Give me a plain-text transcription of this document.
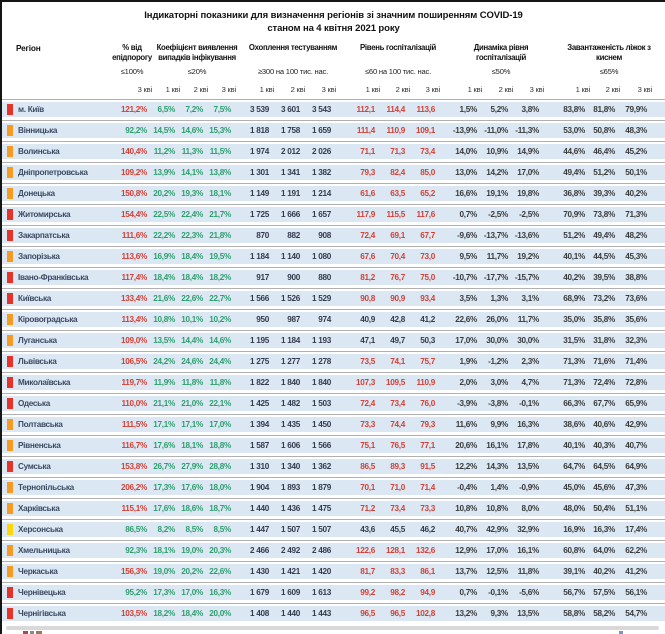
Індикаторні показники для визначення регіонів зі значним поширенням COVID-19
станом на 4 квітня 2021 року
Регіон	% від епідпорогу
Коефіцієнт виявлення випадків інфікування
Охоплення тестуванням	Рівень госпіталізацій	Динаміка рівня госпіталізацій
Завантаженість ліжок з киснем
≤100%	≤20%	≥300 на 100 тис. нас.	≤60 на 100 тис. нас.	≤50%	≤65%
3 кві	1 кві	2 кві	3 кві	1 кві	2 кві	3 кві	1 кві	2 кві	3 кві	1 кві	2 кві	3 кві	1 кві	2 кві	3 кві
м. Київ	121,2%	6,5%	7,2%	7,5%	3 539	3 601	3 543	112,1	114,4	113,6	1,5%	5,2%	3,8%	83,8%	81,8%	79,9%
Вінницька	92,2% 14,5% 14,6% 15,3%	1 818	1 758	1 659	111,4	110,9	109,1	-13,9% -11,0% -11,3%	53,0%	50,8%	48,3%
Волинська	140,4% 11,2% 11,3% 11,5%	1 974	2 012	2 026	71,1	71,3	73,4	14,0%	10,9%	14,9%	44,6%	46,4%	45,2%
Дніпропетровська	109,2% 13,9% 14,1% 13,8%	1 301	1 341	1 382	79,3	82,4	85,0	13,0%	14,2%	17,0%	49,4%	51,2%	50,1%
Донецька	150,8% 20,2% 19,3% 18,1%	1 149	1 191	1 214	61,6	63,5	65,2	16,6%	19,1%	19,8%	36,8%	39,3%	40,2%
Житомирська	154,4% 22,5% 22,4% 21,7%	1 725	1 666	1 657	117,9	115,5	117,6	0,7%	-2,5%	-2,5%	70,9%	73,8%	71,3%
Закарпатська	111,6% 22,2% 22,3% 21,8%	870	882	908	72,4	69,1	67,7	-9,6% -13,7% -13,6%	51,2%	49,4%	48,2%
Запорізька	113,6% 16,9% 18,4% 19,5%	1 184	1 140	1 080	67,6	70,4	73,0	9,5%	11,7%	19,2%	40,1%	44,5%	45,3%
Івано-Франківська	117,4% 18,4% 18,4% 18,2%	917	900	880	81,2	76,7	75,0	-10,7% -17,7% -15,7%	40,2%	39,5%	38,8%
Київська	133,4% 21,6% 22,6% 22,7%	1 566	1 526	1 529	90,8	90,9	93,4	3,5%	1,3%	3,1%	68,9%	73,2%	73,6%
Кіровоградська	113,4% 10,8% 10,1% 10,2%	950	987	974	40,9	42,8	41,2	22,6%	26,0%	11,7%	35,0%	35,8%	35,6%
Луганська	109,0% 13,5% 14,4% 14,6%	1 195	1 184	1 193	47,1	49,7	50,3	17,0%	30,0%	30,0%	31,5%	31,8%	32,3%
Львівська	106,5% 24,2% 24,6% 24,4%	1 275	1 277	1 278	73,5	74,1	75,7	1,9%	-1,2%	2,3%	71,3%	71,6%	71,4%
Миколаївська	119,7% 11,9% 11,8% 11,8%	1 822	1 840	1 840	107,3	109,5	110,9	2,0%	3,0%	4,7%	71,3%	72,4%	72,8%
Одеська	110,0% 21,1% 21,0% 22,1%	1 425	1 482	1 503	72,4	73,4	76,0	-3,9%	-3,8%	-0,1%	66,3%	67,7%	65,9%
Полтавська	111,5% 17,1% 17,1% 17,0%	1 394	1 435	1 450	73,3	74,4	79,3	11,6%	9,9%	16,3%	38,6%	40,6%	42,9%
Рівненська	116,7% 17,6% 18,1% 18,8%	1 587	1 606	1 566	75,1	76,5	77,1	20,6%	16,1%	17,8%	40,1%	40,3%	40,7%
Сумська	153,8% 26,7% 27,9% 28,8%	1 310	1 340	1 362	86,5	89,3	91,5	12,2%	14,3%	13,5%	64,7%	64,5%	64,9%
Тернопільська	206,2% 17,3% 17,6% 18,0%	1 904	1 893	1 879	70,1	71,0	71,4	-0,4%	1,4%	-0,9%	45,0%	45,6%	47,3%
Харківська	115,1% 17,6% 18,6% 18,7%	1 440	1 436	1 475	71,2	73,4	73,3	10,8%	10,8%	8,0%	48,0%	50,4%	51,1%
Херсонська	86,5%	8,2%	8,5%	8,5%	1 447	1 507	1 507	43,6	45,5	46,2	40,7%	42,9%	32,9%	16,9%	16,3%	17,4%
Хмельницька	92,3% 18,1% 19,0% 20,3%	2 466	2 492	2 486	122,6	128,1	132,6	12,9%	17,0%	16,1%	60,8%	64,0%	62,2%
Черкаська	156,3% 19,0% 20,2% 22,6%	1 430	1 421	1 420	81,7	83,3	86,1	13,7%	12,5%	11,8%	39,1%	40,2%	41,2%
Чернівецька	95,2% 17,3% 17,0% 16,3%	1 679	1 609	1 613	99,2	98,2	94,9	0,7%	-0,1%	-5,6%	56,7%	57,5%	56,1%
Чернігівська	103,5% 18,2% 18,4% 20,0%	1 408	1 440	1 443	96,5	96,5	102,8	13,2%	9,3%	13,5%	58,8%	58,2%	54,7%
